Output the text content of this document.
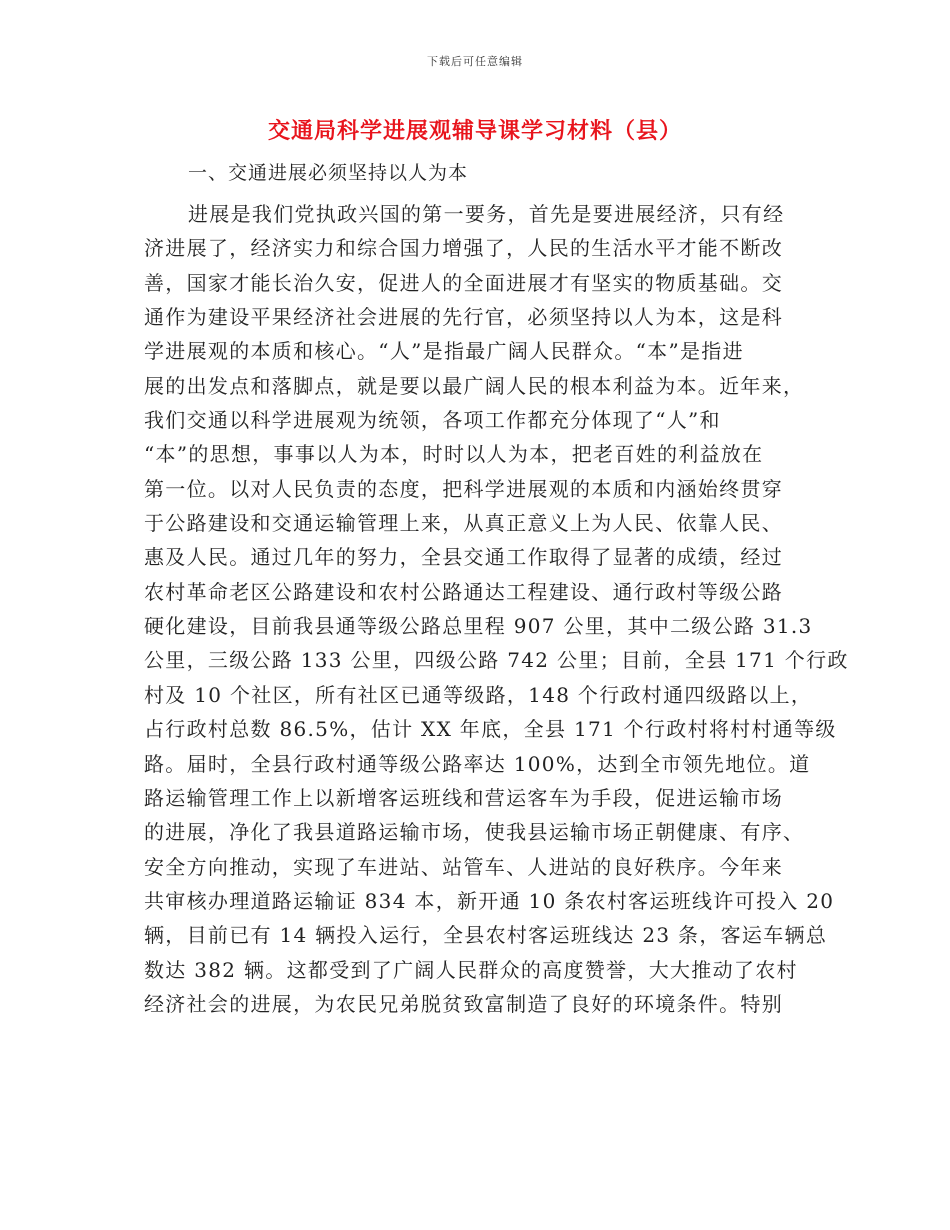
下载后可任意编辑
交通局科学进展观辅导课学习材料（县）
一、交通进展必须坚持以人为本
进展是我们党执政兴国的第一要务，首先是要进展经济，只有经
济进展了，经济实力和综合国力增强了，人民的生活水平才能不断改
善，国家才能长治久安，促进人的全面进展才有坚实的物质基础。交
通作为建设平果经济社会进展的先行官，必须坚持以人为本，这是科
学进展观的本质和核心。“人”是指最广阔人民群众。“本”是指进
展的出发点和落脚点，就是要以最广阔人民的根本利益为本。近年来，
我们交通以科学进展观为统领，各项工作都充分体现了“人”和
“本”的思想，事事以人为本，时时以人为本，把老百姓的利益放在
第一位。以对人民负责的态度，把科学进展观的本质和内涵始终贯穿
于公路建设和交通运输管理上来，从真正意义上为人民、依靠人民、
惠及人民。通过几年的努力，全县交通工作取得了显著的成绩，经过
农村革命老区公路建设和农村公路通达工程建设、通行政村等级公路
硬化建设，目前我县通等级公路总里程 907 公里，其中二级公路 31.3
公里，三级公路 133 公里，四级公路 742 公里；目前，全县 171 个行政
村及 10 个社区，所有社区已通等级路，148 个行政村通四级路以上，
占行政村总数 86.5%，估计 XX 年底，全县 171 个行政村将村村通等级
路。届时，全县行政村通等级公路率达 100%，达到全市领先地位。道
路运输管理工作上以新增客运班线和营运客车为手段，促进运输市场
的进展，净化了我县道路运输市场，使我县运输市场正朝健康、有序、
安全方向推动，实现了车进站、站管车、人进站的良好秩序。今年来
共审核办理道路运输证 834 本，新开通 10 条农村客运班线许可投入 20
辆，目前已有 14 辆投入运行，全县农村客运班线达 23 条，客运车辆总
数达 382 辆。这都受到了广阔人民群众的高度赞誉，大大推动了农村
经济社会的进展，为农民兄弟脱贫致富制造了良好的环境条件。特别
